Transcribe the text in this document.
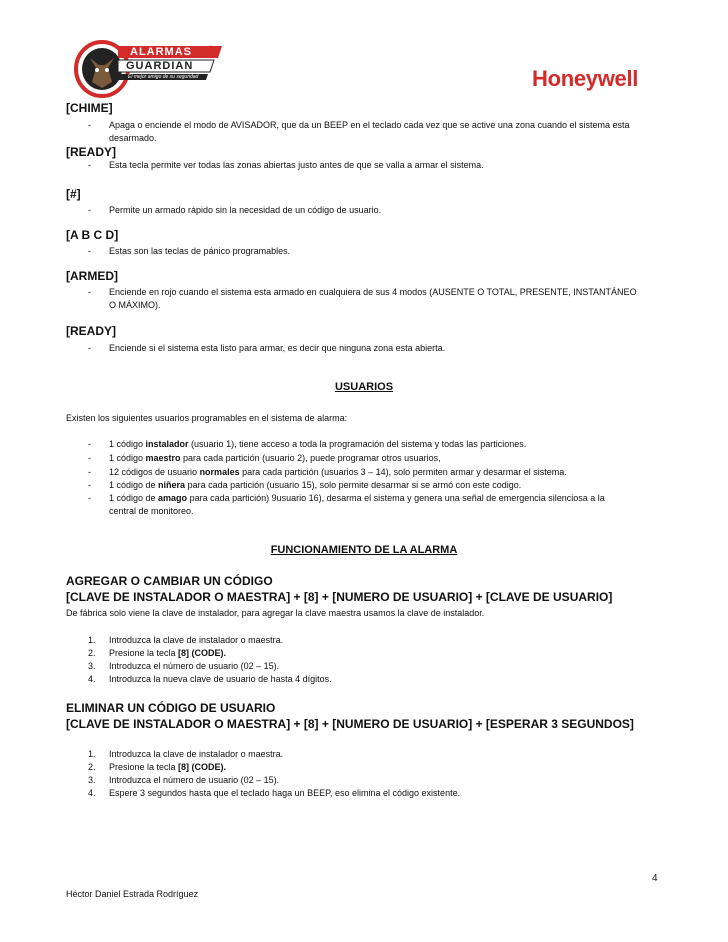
ALARMAS ®
GUARDIAN
El mejor amigo de su seguridad	Honeywell
[CHIME]
-	Apaga o enciende el modo de AVISADOR, que da un BEEP en el teclado cada vez que se active una zona cuando el sistema esta
desarmado.
[READY]
-	Esta tecla permite ver todas las zonas abiertas justo antes de que se valla a armar el sistema.
[#]
-	Permite un armado rápido sin la necesidad de un código de usuario.
[A B C D]
-	Estas son las teclas de pánico programables.
[ARMED]
-	Enciende en rojo cuando el sistema esta armado en cualquiera de sus 4 modos (AUSENTE O TOTAL, PRESENTE, INSTANTÁNEO
O MÁXIMO).
[READY]
-	Enciende si el sistema esta listo para armar, es decir que ninguna zona esta abierta.
USUARIOS
Existen los siguientes usuarios programables en el sistema de alarma:
-	1 código instalador (usuario 1), tiene acceso a toda la programación del sistema y todas las particiones.
-	1 código maestro para cada partición (usuario 2), puede programar otros usuarios,
-	12 códigos de usuario normales para cada partición (usuarios 3 – 14), solo permiten armar y desarmar el sistema.
-	1 código de niñera para cada partición (usuario 15), solo permite desarmar si se armó con este codigo.
-	1 código de amago para cada partición) 9usuario 16), desarma el sistema y genera una señal de emergencia silenciosa a la
central de monitoreo.
FUNCIONAMIENTO DE LA ALARMA
AGREGAR O CAMBIAR UN CÓDIGO
[CLAVE DE INSTALADOR O MAESTRA] + [8] + [NUMERO DE USUARIO] + [CLAVE DE USUARIO]
De fábrica solo viene la clave de instalador, para agregar la clave maestra usamos la clave de instalador.
1.	Introduzca la clave de instalador o maestra.
2.	Presione la tecla [8] (CODE).
3.	Introduzca el número de usuario (02 – 15).
4.	Introduzca la nueva clave de usuario de hasta 4 dígitos.
ELIMINAR UN CÓDIGO DE USUARIO
[CLAVE DE INSTALADOR O MAESTRA] + [8] + [NUMERO DE USUARIO] + [ESPERAR 3 SEGUNDOS]
1.	Introduzca la clave de instalador o maestra.
2.	Presione la tecla [8] (CODE).
3.	Introduzca el número de usuario (02 – 15).
4.	Espere 3 segundos hasta que el teclado haga un BEEP, eso elimina el código existente.
4
Héctor Daniel Estrada Rodríguez
